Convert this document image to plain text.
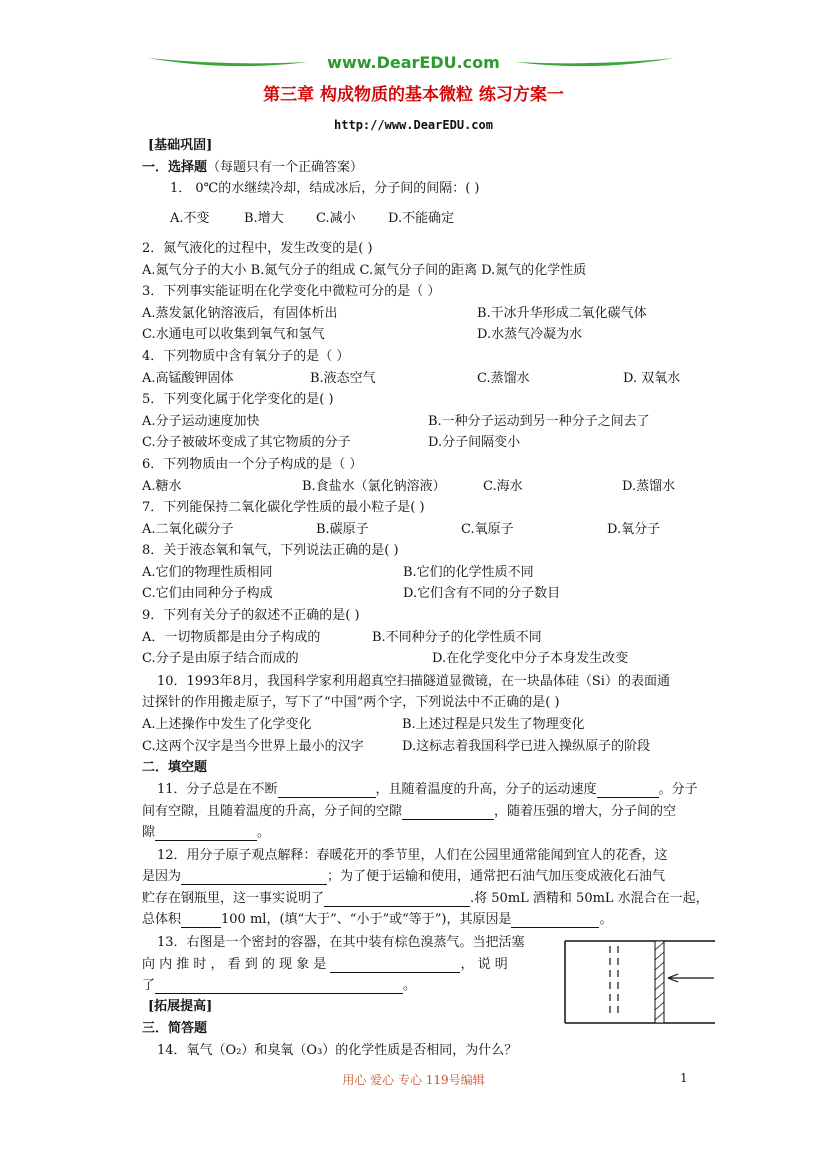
www.DearEDU.com
第三章 构成物质的基本微粒 练习方案一
http://www.DearEDU.com
[基础巩固]
一．选择题（每题只有一个正确答案）
1． 0℃的水继续冷却，结成冰后，分子间的间隔：( )
A.不变	B.增大 C.减小 D.不能确定
2．氮气液化的过程中，发生改变的是( )
A.氮气分子的大小 B.氮气分子的组成 C.氮气分子间的距离 D.氮气的化学性质
3．下列事实能证明在化学变化中微粒可分的是（ ）
A.蒸发氯化钠溶液后，有固体析出	B.干冰升华形成二氧化碳气体
C.水通电可以收集到氧气和氢气	D.水蒸气冷凝为水
4．下列物质中含有氧分子的是（ ）
A.高锰酸钾固体	B.液态空气	C.蒸馏水	D. 双氧水
5．下列变化属于化学变化的是( )
A.分子运动速度加快	B.一种分子运动到另一种分子之间去了
C.分子被破坏变成了其它物质的分子	D.分子间隔变小
6．下列物质由一个分子构成的是（ ）
A.糖水	B.食盐水（氯化钠溶液）	C.海水	D.蒸馏水
7．下列能保持二氧化碳化学性质的最小粒子是( )
A.二氧化碳分子	B.碳原子	C.氧原子	D.氧分子
8．关于液态氧和氧气，下列说法正确的是( )
A.它们的物理性质相同	B.它们的化学性质不同
C.它们由同种分子构成	D.它们含有不同的分子数目
9．下列有关分子的叙述不正确的是( )
A．一切物质都是由分子构成的	B.不同种分子的化学性质不同
C.分子是由原子结合而成的	D.在化学变化中分子本身发生改变
10．1993年8月，我国科学家利用超真空扫描隧道显微镜，在一块晶体硅（Si）的表面通
过探针的作用搬走原子，写下了“中国”两个字，下列说法中不正确的是( )
A.上述操作中发生了化学变化	B.上述过程是只发生了物理变化
C.这两个汉字是当今世界上最小的汉字	D.这标志着我国科学已进入操纵原子的阶段
二．填空题
11．分子总是在不断	，且随着温度的升高，分子的运动速度	。分子
间有空隙，且随着温度的升高，分子间的空隙	，随着压强的增大，分子间的空
隙	。
12．用分子原子观点解释：春暖花开的季节里，人们在公园里通常能闻到宜人的花香，这
是因为	；为了便于运输和使用，通常把石油气加压变成液化石油气
贮存在钢瓶里，这一事实说明了	.将 50mL 酒精和 50mL 水混合在一起，
总体积	100 ml，(填“大于”、“小于”或“等于”)，其原因是	。
13．右图是一个密封的容器，在其中装有棕色溴蒸气。当把活塞
向 内 推 时 ， 看 到 的 现 象 是	， 说 明
了	。
[拓展提高]
三．简答题
14．氧气（O₂）和臭氧（O₃）的化学性质是否相同，为什么？
用心 爱心 专心 119号编辑	1
